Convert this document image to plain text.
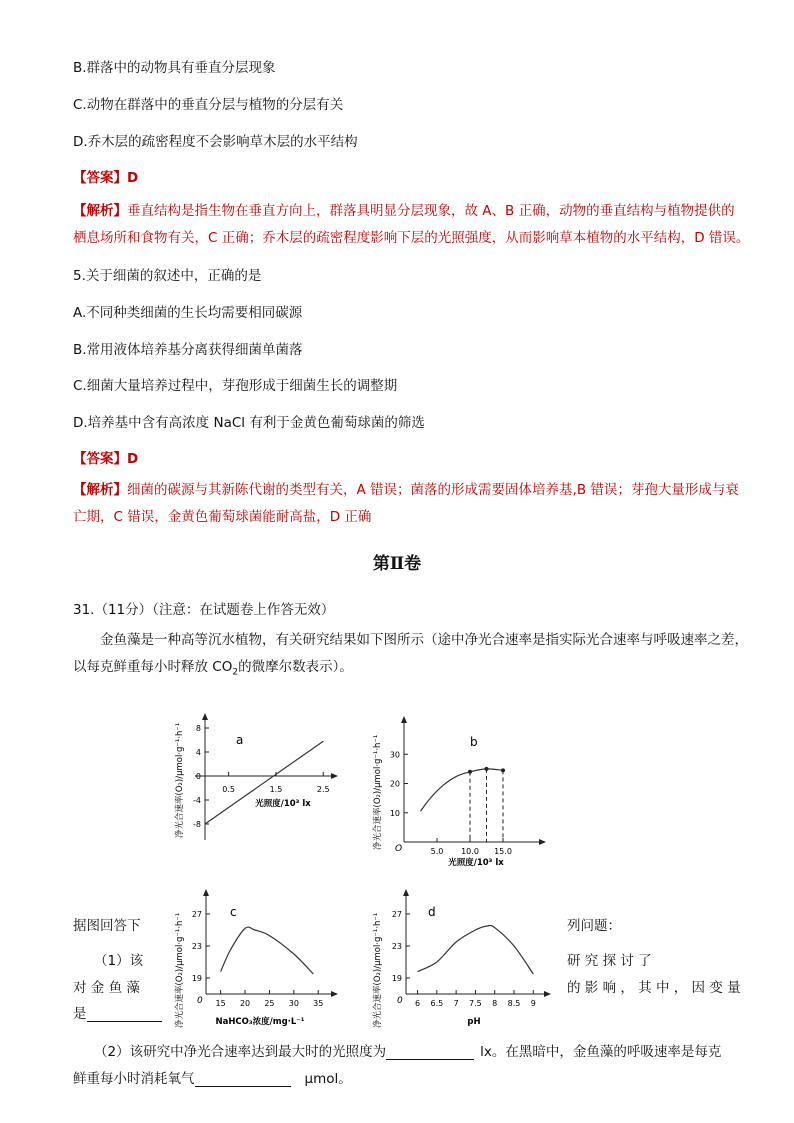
B.群落中的动物具有垂直分层现象
C.动物在群落中的垂直分层与植物的分层有关
D.乔木层的疏密程度不会影响草木层的水平结构
【答案】D
【解析】垂直结构是指生物在垂直方向上，群落具明显分层现象，故 A、B 正确，动物的垂直结构与植物提供的
栖息场所和食物有关，C 正确；乔木层的疏密程度影响下层的光照强度，从而影响草本植物的水平结构，D 错误。
5.关于细菌的叙述中，正确的是
A.不同种类细菌的生长均需要相同碳源
B.常用液体培养基分离获得细菌单菌落
C.细菌大量培养过程中，芽孢形成于细菌生长的调整期
D.培养基中含有高浓度 NaCl 有利于金黄色葡萄球菌的筛选
【答案】D
【解析】细菌的碳源与其新陈代谢的类型有关，A 错误；菌落的形成需要固体培养基,B 错误；芽孢大量形成与衰
亡期，C 错误，金黄色葡萄球菌能耐高盐，D 正确
第Ⅱ卷
31.（11分）（注意：在试题卷上作答无效）
金鱼藻是一种高等沉水植物，有关研究结果如下图所示（途中净光合速率是指实际光合速率与呼吸速率之差，
以每克鲜重每小时释放 $CO_2$的微摩尔数表示）。
净光合速率(O₂)/μmol·g⁻¹·h⁻¹ 8
4
0
-4
-8
0.5	1.5	2.5
光照度/10³ lx
a	净光合速率(O₂)/μmol·g⁻¹·h⁻¹ 30
20
10
5.0 10.0 15.0
光照度/10³ lx
b
O
净光合速率(O₂)/μmol·g⁻¹·h⁻¹ 27
23
19
15 20 25 30 35
NaHCO₃浓度/mg·L⁻¹
c
0	净光合速率(O₂)/μmol·g⁻¹·h⁻¹ 27
23
19
6 6.5 7 7.5 8 8.5 9
pH
d
0
据图回答下	列问题：
（1）该	研 究 探 讨 了
对 金 鱼 藻	的 影 响 ， 其 中 ， 因 变 量
是
（2）该研究中净光合速率达到最大时的光照度为	lx。在黑暗中，金鱼藻的呼吸速率是每克
鲜重每小时消耗氧气	μmol。
